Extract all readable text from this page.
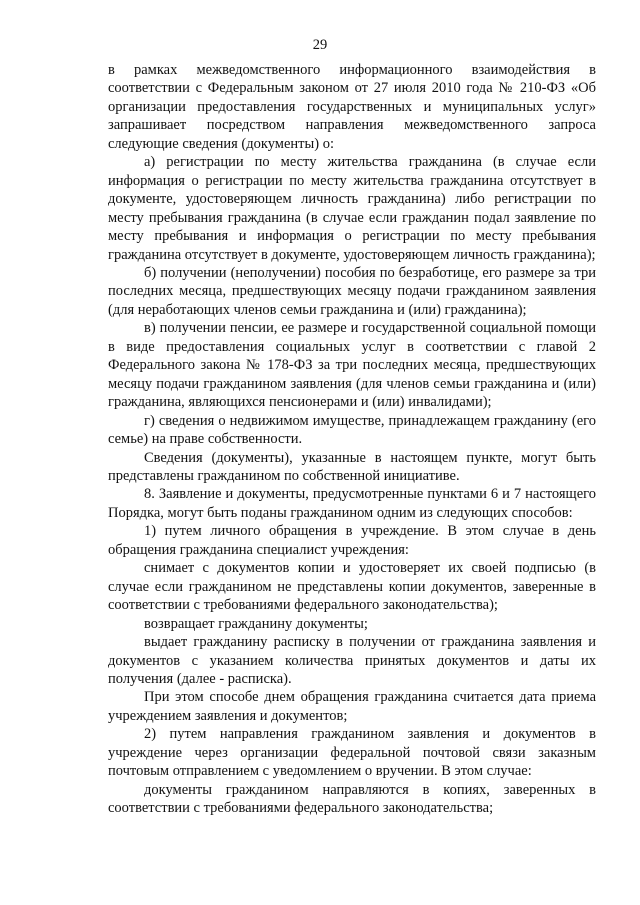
29

в рамках межведомственного информационного взаимодействия в соответствии с Федеральным законом от 27 июля 2010 года № 210-ФЗ «Об организации предоставления государственных и муниципальных услуг» запрашивает посредством направления межведомственного запроса следующие сведения (документы) о:

а) регистрации по месту жительства гражданина (в случае если информация о регистрации по месту жительства гражданина отсутствует в документе, удостоверяющем личность гражданина) либо регистрации по месту пребывания гражданина (в случае если гражданин подал заявление по месту пребывания и информация о регистрации по месту пребывания гражданина отсутствует в документе, удостоверяющем личность гражданина);

б) получении (неполучении) пособия по безработице, его размере за три последних месяца, предшествующих месяцу подачи гражданином заявления (для неработающих членов семьи гражданина и (или) гражданина);

в) получении пенсии, ее размере и государственной социальной помощи в виде предоставления социальных услуг в соответствии с главой 2 Федерального закона № 178-ФЗ за три последних месяца, предшествующих месяцу подачи гражданином заявления (для членов семьи гражданина и (или) гражданина, являющихся пенсионерами и (или) инвалидами);

г) сведения о недвижимом имуществе, принадлежащем гражданину (его семье) на праве собственности.

Сведения (документы), указанные в настоящем пункте, могут быть представлены гражданином по собственной инициативе.

8. Заявление и документы, предусмотренные пунктами 6 и 7 настоящего Порядка, могут быть поданы гражданином одним из следующих способов:

1) путем личного обращения в учреждение. В этом случае в день обращения гражданина специалист учреждения:

снимает с документов копии и удостоверяет их своей подписью (в случае если гражданином не представлены копии документов, заверенные в соответствии с требованиями федерального законодательства);

возвращает гражданину документы;

выдает гражданину расписку в получении от гражданина заявления и документов с указанием количества принятых документов и даты их получения (далее - расписка).

При этом способе днем обращения гражданина считается дата приема учреждением заявления и документов;

2) путем направления гражданином заявления и документов в учреждение через организации федеральной почтовой связи заказным почтовым отправлением с уведомлением о вручении. В этом случае:

документы гражданином направляются в копиях, заверенных в соответствии с требованиями федерального законодательства;
